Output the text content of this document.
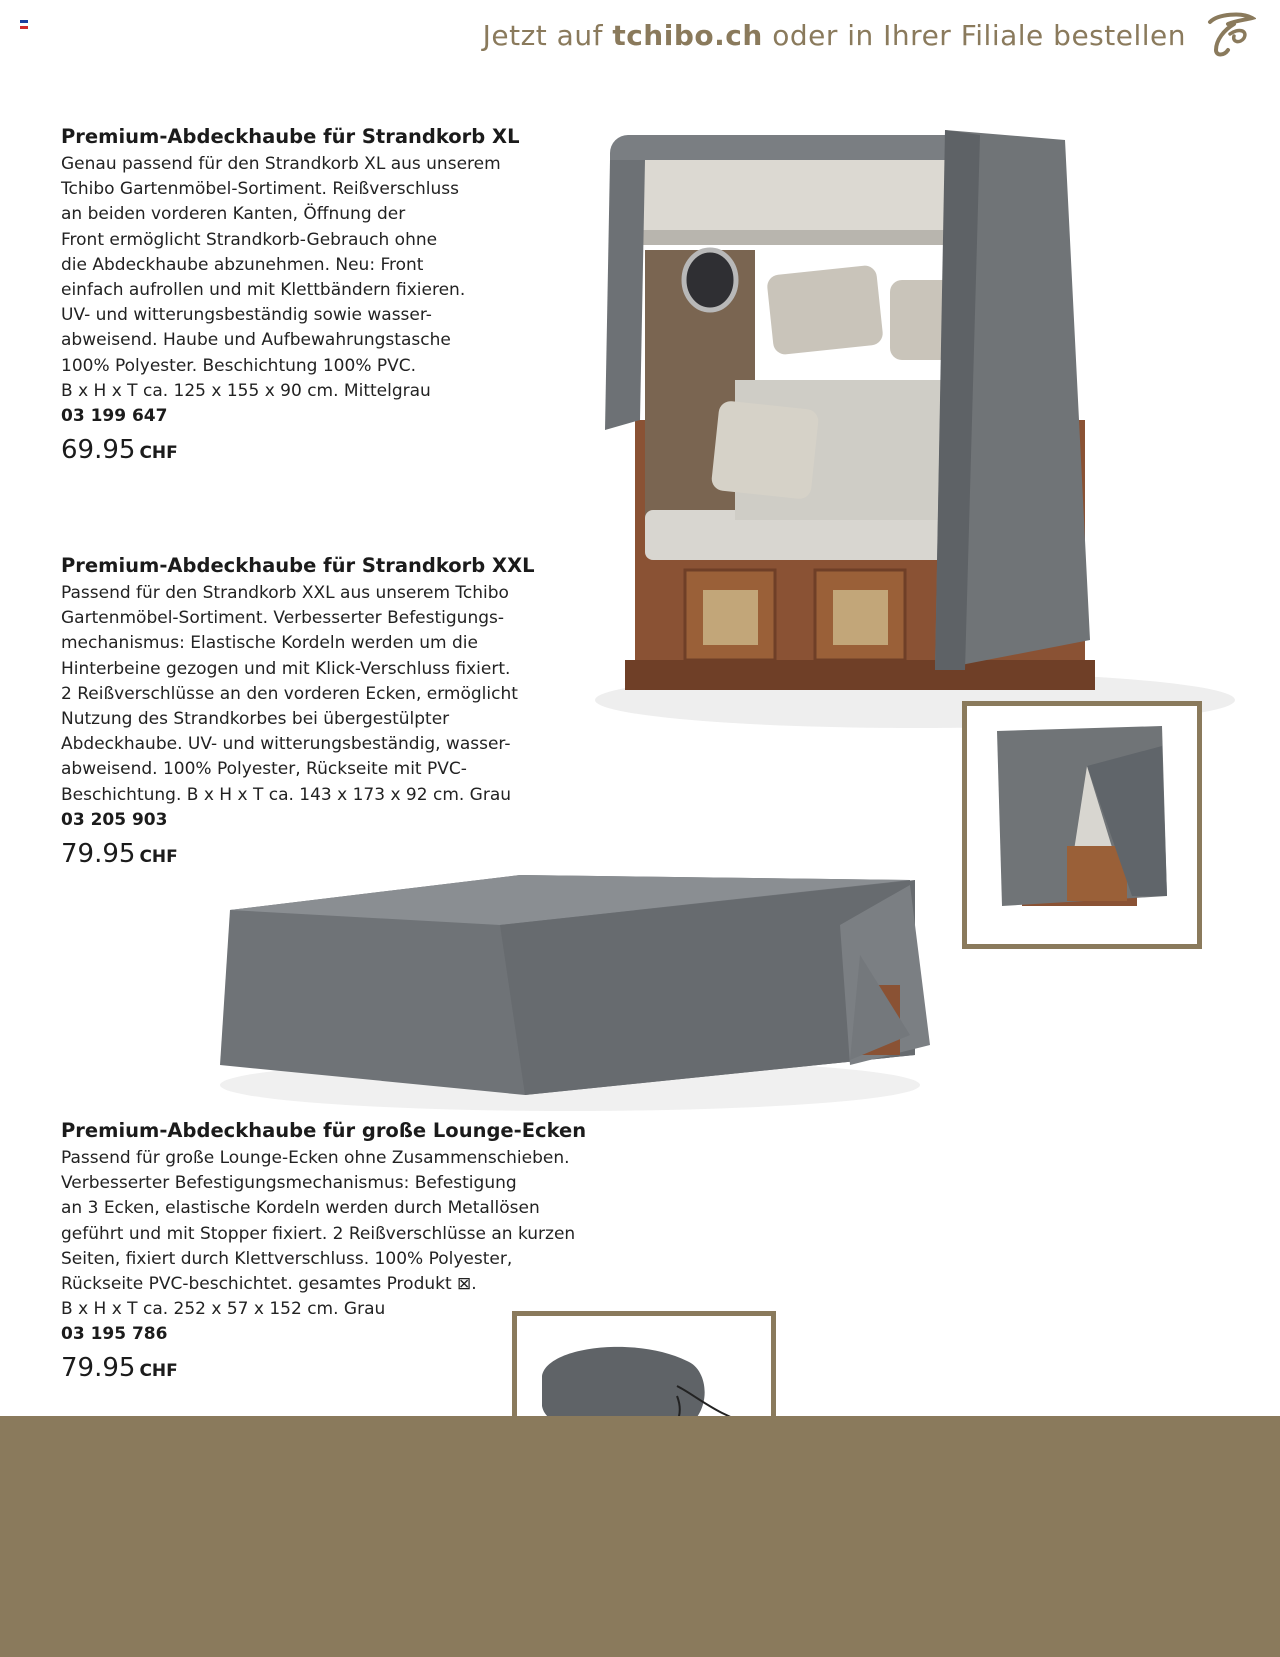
Jetzt auf tchibo.ch oder in Ihrer Filiale bestellen
Premium-Abdeckhaube für Strandkorb XL

Genau passend für den Strandkorb XL aus unserem
Tchibo Gartenmöbel-Sortiment. Reißverschluss
an beiden vorderen Kanten, Öffnung der
Front ermöglicht Strandkorb-Gebrauch ohne
die Abdeckhaube abzunehmen. Neu: Front
einfach aufrollen und mit Klettbändern fixieren.
UV- und witterungsbeständig sowie wasser-
abweisend. Haube und Aufbewahrungstasche
100% Polyester. Beschichtung 100% PVC.
B x H x T ca. 125 x 155 x 90 cm. Mittelgrau

03 199 647

69.95 CHF
Premium-Abdeckhaube für Strandkorb XXL

Passend für den Strandkorb XXL aus unserem Tchibo
Gartenmöbel-Sortiment. Verbesserter Befestigungs-
mechanismus: Elastische Kordeln werden um die
Hinterbeine gezogen und mit Klick-Verschluss fixiert.
2 Reißverschlüsse an den vorderen Ecken, ermöglicht
Nutzung des Strandkorbes bei übergestülpter
Abdeckhaube. UV- und witterungsbeständig, wasser-
abweisend. 100% Polyester, Rückseite mit PVC-
Beschichtung. B x H x T ca. 143 x 173 x 92 cm. Grau

03 205 903

79.95 CHF
Premium-Abdeckhaube für große Lounge-Ecken

Passend für große Lounge-Ecken ohne Zusammenschieben.
Verbesserter Befestigungsmechanismus: Befestigung
an 3 Ecken, elastische Kordeln werden durch Metallösen
geführt und mit Stopper fixiert. 2 Reißverschlüsse an kurzen
Seiten, fixiert durch Klettverschluss. 100% Polyester,
Rückseite PVC-beschichtet. gesamtes Produkt ⊠.
B x H x T ca. 252 x 57 x 152 cm. Grau

03 195 786

79.95 CHF
